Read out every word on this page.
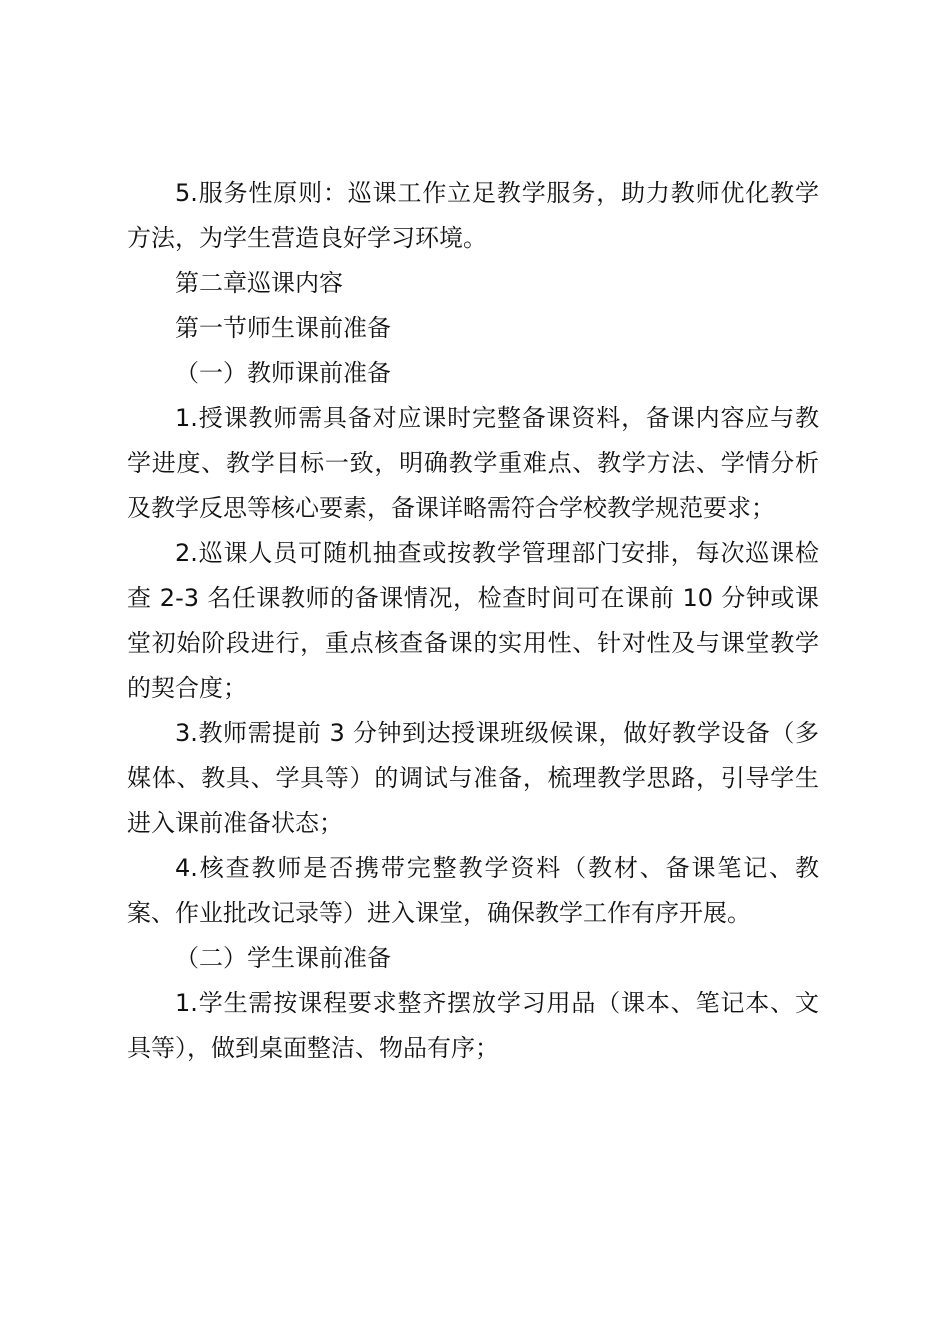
5.服务性原则：巡课工作立足教学服务，助力教师优化教学方法，为学生营造良好学习环境。

第二章巡课内容

第一节师生课前准备

（一）教师课前准备

1.授课教师需具备对应课时完整备课资料，备课内容应与教学进度、教学目标一致，明确教学重难点、教学方法、学情分析及教学反思等核心要素，备课详略需符合学校教学规范要求；

2.巡课人员可随机抽查或按教学管理部门安排，每次巡课检查 2-3 名任课教师的备课情况，检查时间可在课前 10 分钟或课堂初始阶段进行，重点核查备课的实用性、针对性及与课堂教学的契合度；

3.教师需提前 3 分钟到达授课班级候课，做好教学设备（多媒体、教具、学具等）的调试与准备，梳理教学思路，引导学生进入课前准备状态；

4.核查教师是否携带完整教学资料（教材、备课笔记、教案、作业批改记录等）进入课堂，确保教学工作有序开展。

（二）学生课前准备

1.学生需按课程要求整齐摆放学习用品（课本、笔记本、文具等），做到桌面整洁、物品有序；
